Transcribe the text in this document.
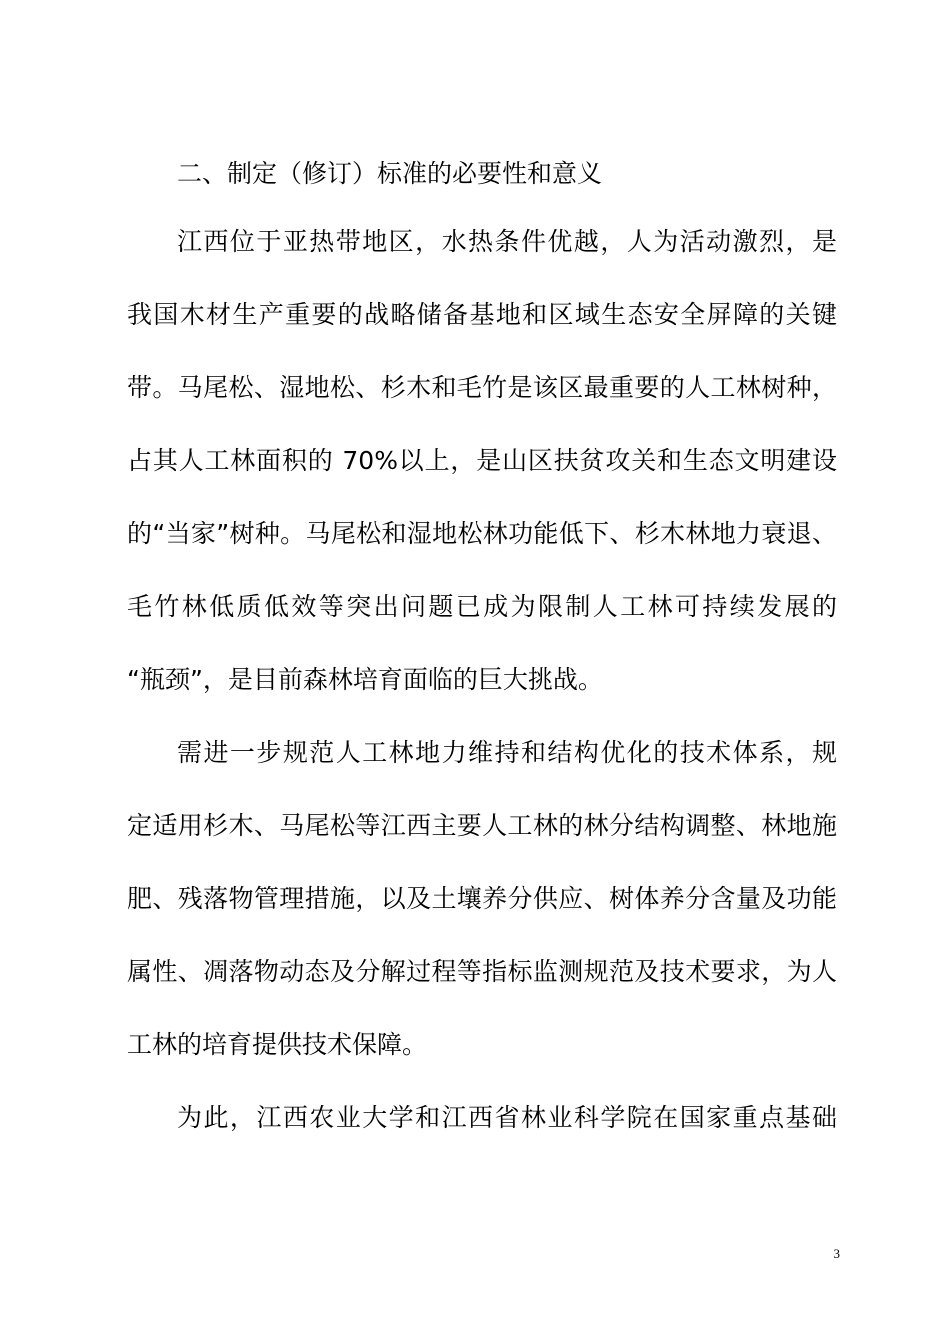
二、制定（修订）标准的必要性和意义
江西位于亚热带地区，水热条件优越，人为活动激烈，是
我国木材生产重要的战略储备基地和区域生态安全屏障的关键
带。马尾松、湿地松、杉木和毛竹是该区最重要的人工林树种，
占其人工林面积的 70%以上，是山区扶贫攻关和生态文明建设
的“当家”树种。马尾松和湿地松林功能低下、杉木林地力衰退、
毛竹林低质低效等突出问题已成为限制人工林可持续发展的
“瓶颈”，是目前森林培育面临的巨大挑战。
需进一步规范人工林地力维持和结构优化的技术体系，规
定适用杉木、马尾松等江西主要人工林的林分结构调整、林地施
肥、残落物管理措施，以及土壤养分供应、树体养分含量及功能
属性、凋落物动态及分解过程等指标监测规范及技术要求，为人
工林的培育提供技术保障。
为此，江西农业大学和江西省林业科学院在国家重点基础
3
